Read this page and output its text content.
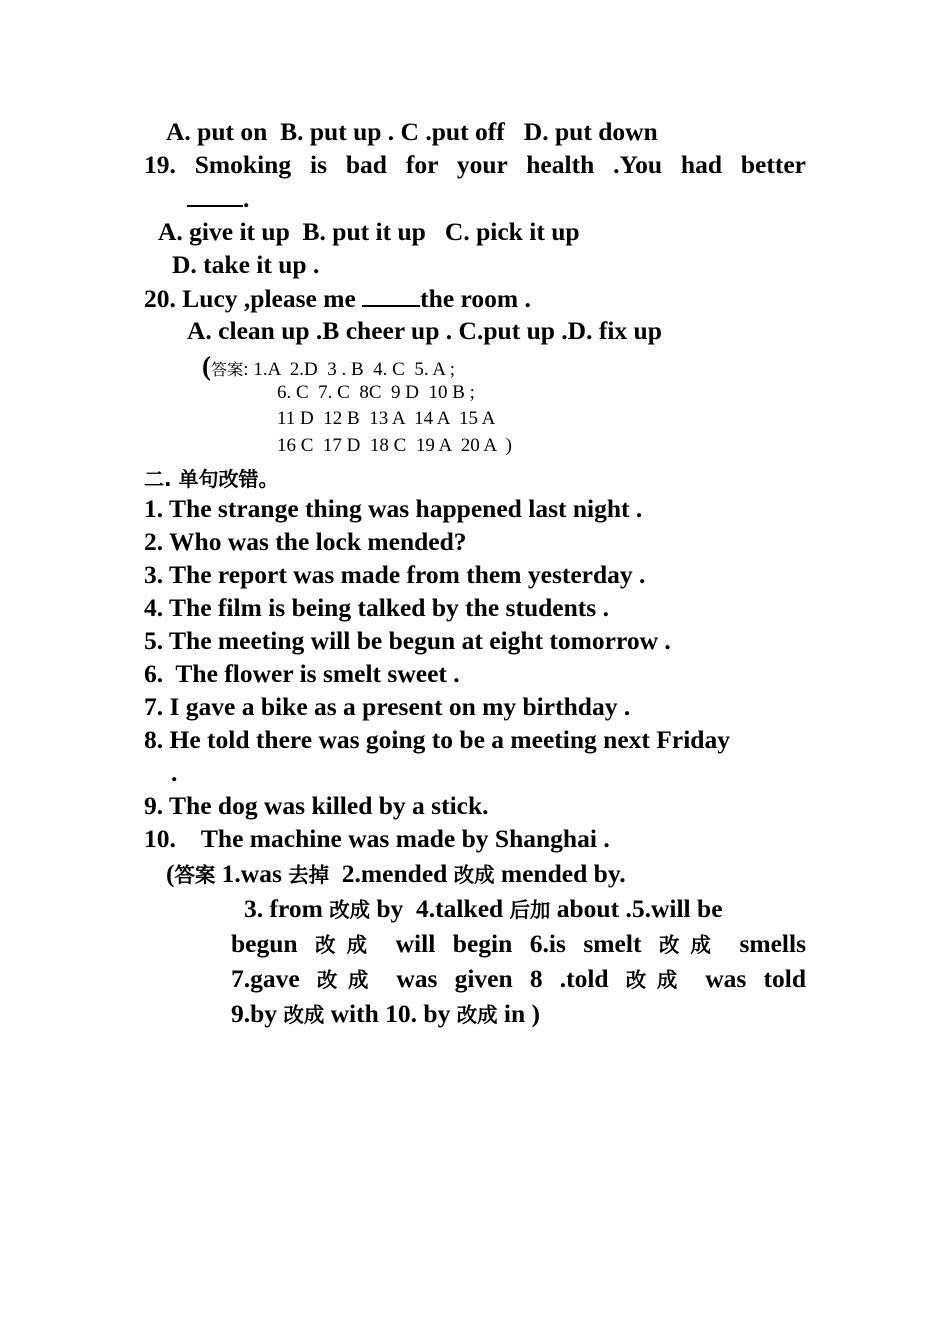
A. put on  B. put up . C .put off   D. put down
19. Smoking is bad for your health .You had better
.
A. give it up  B. put it up   C. pick it up
D. take it up .
20. Lucy ,please me the room .
A. clean up .B cheer up . C.put up .D. fix up
(答案: 1.A  2.D  3 . B  4. C  5. A ;
6. C  7. C  8C  9 D  10 B ;
11 D  12 B  13 A  14 A  15 A
16 C  17 D  18 C  19 A  20 A  )
二. 单句改错。
1. The strange thing was happened last night .
2. Who was the lock mended?
3. The report was made from them yesterday .
4. The film is being talked by the students .
5. The meeting will be begun at eight tomorrow .
6.  The flower is smelt sweet .
7. I gave a bike as a present on my birthday .
8. He told there was going to be a meeting next Friday
.
9. The dog was killed by a stick.
10.    The machine was made by Shanghai .
(答案 1.was 去掉  2.mended 改成 mended by.
3. from 改成 by  4.talked 后加 about .5.will be
begun 改成 will begin 6.is smelt 改成 smells
7.gave 改成 was given 8 .told 改成 was told
9.by 改成 with 10. by 改成 in )
